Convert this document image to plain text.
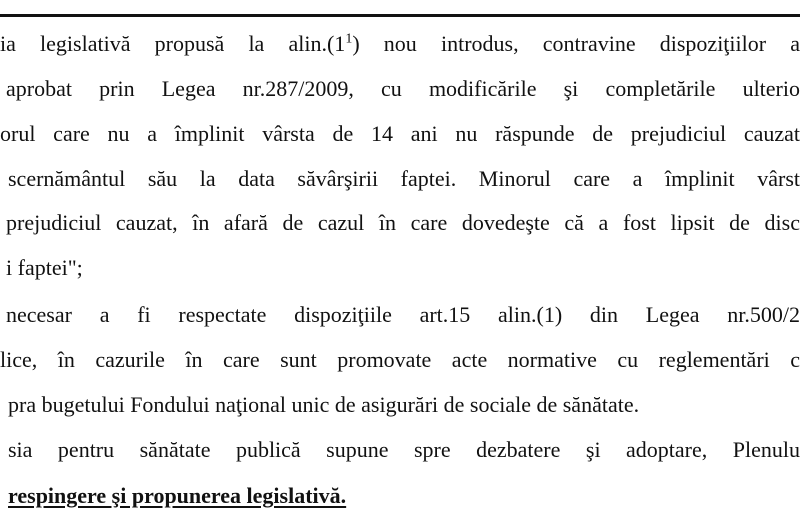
ia legislativă propusă la $alin.(1^1)$ nou introdus, contravine dispoziţiilor a
aprobat prin Legea nr.287/2009, cu modificările şi completările ulterio
orul care nu a împlinit vârsta de 14 ani nu răspunde de prejudiciul cauzat
scernământul său la data săvârşirii faptei. Minorul care a împlinit vârst
prejudiciul cauzat, în afară de cazul în care dovedeşte că a fost lipsit de disc
i faptei";
necesar a fi respectate dispoziţiile art.15 alin.(1) din Legea nr.500/2
lice, în cazurile în care sunt promovate acte normative cu reglementări c
pra bugetului Fondului naţional unic de asigurări de sociale de sănătate.
sia pentru sănătate publică supune spre dezbatere şi adoptare, Plenulu
respingere şi propunerea legislativă.
